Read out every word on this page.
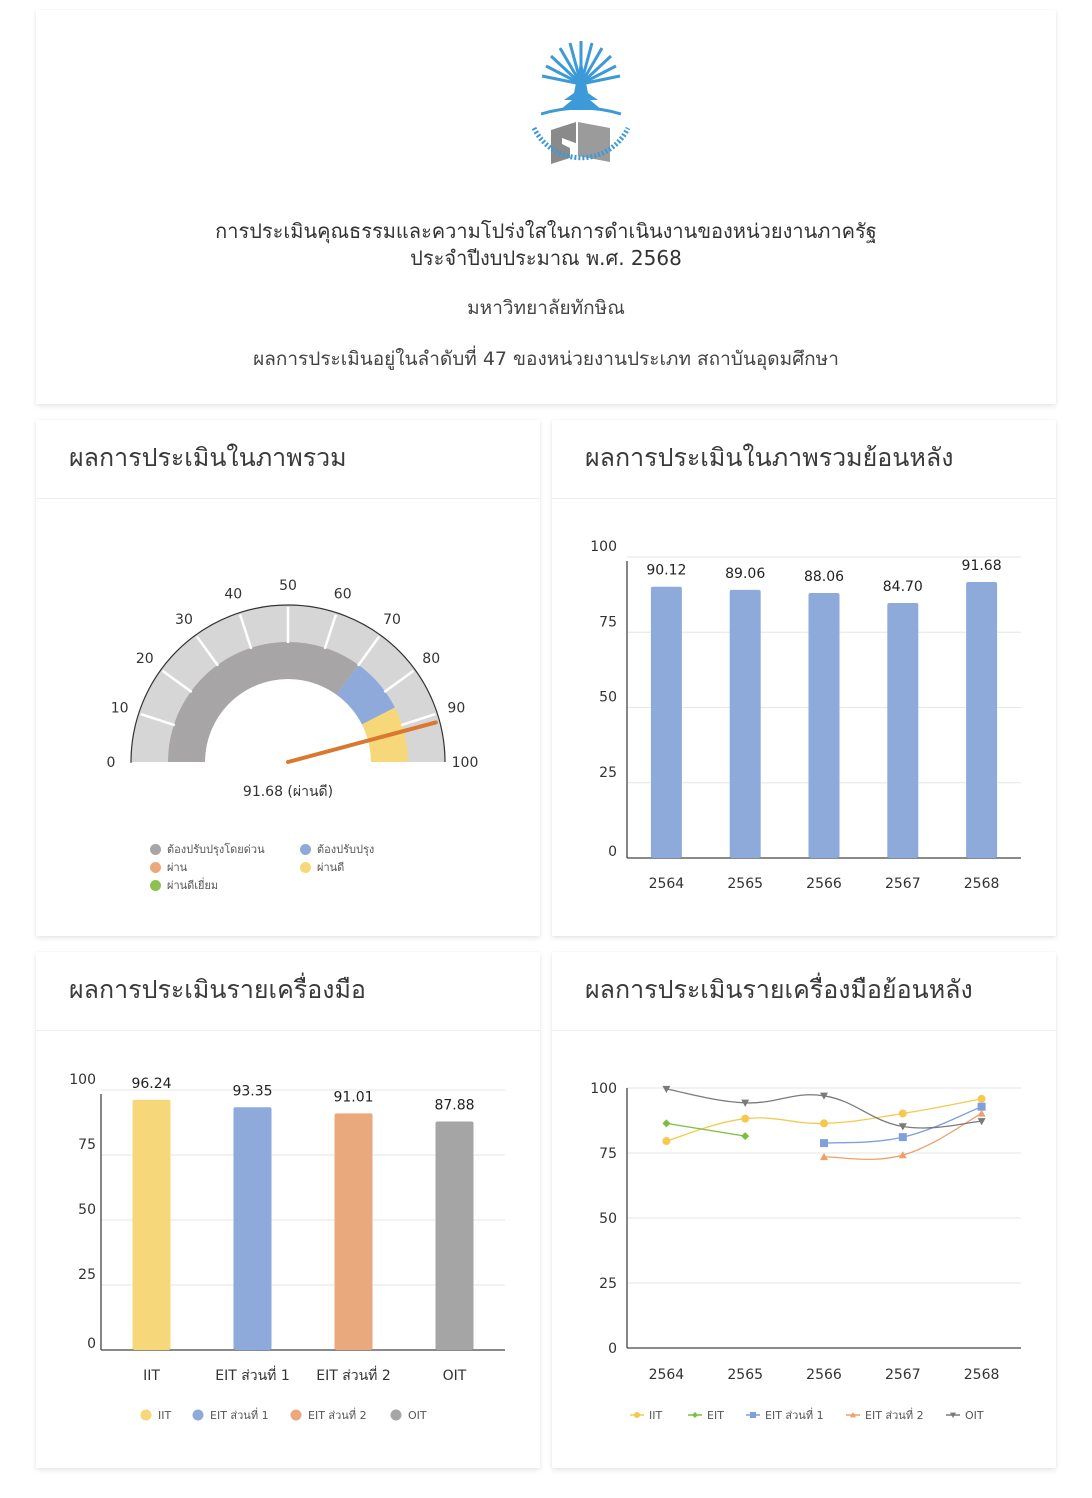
การประเมินคุณธรรมและความโปร่งใสในการดำเนินงานของหน่วยงานภาครัฐ
ประจำปีงบประมาณ พ.ศ. 2568
มหาวิทยาลัยทักษิณ
ผลการประเมินอยู่ในลำดับที่ 47 ของหน่วยงานประเภท สถาบันอุดมศึกษา
ผลการประเมินในภาพรวม
0
10
20
30
40
50
60
70
80
90
100
91.68 (ผ่านดี)
ต้องปรับปรุงโดยด่วน	ต้องปรับปรุง
ผ่าน	ผ่านดี
ผ่านดีเยี่ยม
ผลการประเมินในภาพรวมย้อนหลัง
0
25
50
75
100
90.12
2564
89.06
2565
88.06
2566
84.70
2567
91.68
2568
ผลการประเมินรายเครื่องมือ
0
25
50
75
100	96.24
IIT
93.35
EIT ส่วนที่ 1
91.01
EIT ส่วนที่ 2
87.88
OIT
IIT	EIT ส่วนที่ 1	EIT ส่วนที่ 2	OIT
ผลการประเมินรายเครื่องมือย้อนหลัง
0
25
50
75
100
2564	2565	2566	2567	2568
IIT	EIT	EIT ส่วนที่ 1	EIT ส่วนที่ 2	OIT
